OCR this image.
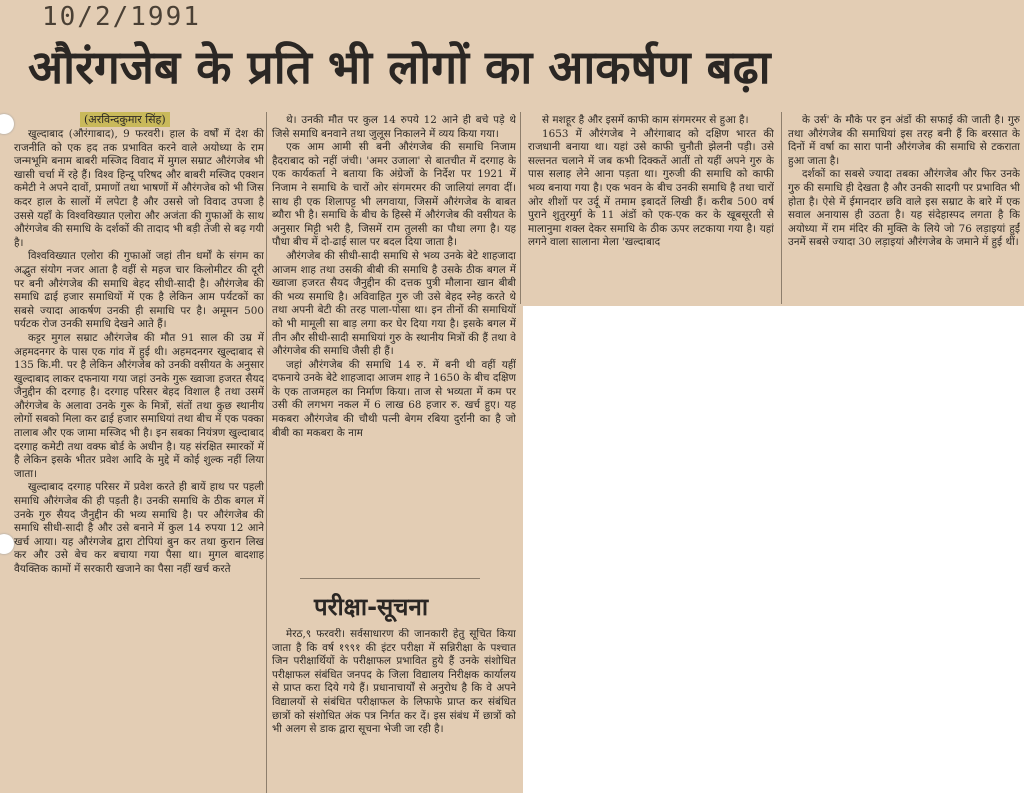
10/2/1991
औरंगजेब के प्रति भी लोगों का आकर्षण बढ़ा
(अरविन्दकुमार सिंह)

खुल्दाबाद (औरंगाबाद), 9 फरवरी। हाल के वर्षों में देश की राजनीति को एक हद तक प्रभावित करने वाले अयोध्या के राम जन्मभूमि बनाम बाबरी मस्जिद विवाद में मुगल सम्राट औरंगजेब भी खासी चर्चा में रहे हैं। विश्व हिन्दू परिषद और बाबरी मस्जिद एक्शन कमेटी ने अपने दावों, प्रमाणों तथा भाषणों में औरंगजेब को भी जिस कदर हाल के सालों में लपेटा है और उससे जो विवाद उपजा है उससे यहाँ के विश्वविख्यात एलोरा और अजंता की गुफाओं के साथ औरंगजेब की समाधि के दर्शकों की तादाद भी बड़ी तेजी से बढ़ गयी है।

विश्वविख्यात एलोरा की गुफाओं जहां तीन धर्मों के संगम का अद्भुत संयोग नजर आता है वहीं से महज चार किलोमीटर की दूरी पर बनी औरंगजेब की समाधि बेहद सीधी-सादी है। औरंगजेब की समाधि ढाई हजार समाधियों में एक है लेकिन आम पर्यटकों का सबसे ज्यादा आकर्षण उनकी ही समाधि पर है। अमूमन 500 पर्यटक रोज उनकी समाधि देखने आते हैं।

कट्टर मुगल सम्राट औरंगजेब की मौत 91 साल की उम्र में अहमदनगर के पास एक गांव में हुई थी। अहमदनगर खुल्दाबाद से 135 कि.मी. पर है लेकिन औरंगजेब को उनकी वसीयत के अनुसार खुल्दाबाद लाकर दफनाया गया जहां उनके गुरू ख्वाजा हजरत सैयद जैनुद्दीन की दरगाह है। दरगाह परिसर बेहद विशाल है तथा उसमें औरंगजेब के अलावा उनके गुरू के मित्रों, संतों तथा कुछ स्थानीय लोगों सबको मिला कर ढाई हजार समाधियां तथा बीच में एक पक्का तालाब और एक जामा मस्जिद भी है। इन सबका नियंत्रण खुल्दाबाद दरगाह कमेटी तथा वक्फ बोर्ड के अधीन है। यह संरक्षित स्मारकों में है लेकिन इसके भीतर प्रवेश आदि के मुद्दे में कोई शुल्क नहीं लिया जाता।

खुल्दाबाद दरगाह परिसर में प्रवेश करते ही बायें हाथ पर पहली समाधि औरंगजेब की ही पड़ती है। उनकी समाधि के ठीक बगल में उनके गुरु सैयद जैनुद्दीन की भव्य समाधि है। पर औरंगजेब की समाधि सीधी-सादी है और उसे बनाने में कुल 14 रुपया 12 आने खर्च आया। यह औरंगजेब द्वारा टोपियां बुन कर तथा कुरान लिख कर और उसे बेच कर बचाया गया पैसा था। मुगल बादशाह वैयक्तिक कामों में सरकारी खजाने का पैसा नहीं खर्च करते

थे। उनकी मौत पर कुल 14 रुपये 12 आने ही बचे पड़े थे जिसे समाधि बनवाने तथा जुलूस निकालने में व्यय किया गया।

एक आम आमी सी बनी औरंगजेब की समाधि निजाम हैदराबाद को नहीं जंची। 'अमर उजाला' से बातचीत में दरगाह के एक कार्यकर्ता ने बताया कि अंग्रेजों के निर्देश पर 1921 में निजाम ने समाधि के चारों ओर संगमरमर की जालियां लगवा दीं। साथ ही एक शिलापट्ट भी लगवाया, जिसमें औरंगजेब के बाबत ब्यौरा भी है। समाधि के बीच के हिस्से में औरंगजेब की वसीयत के अनुसार मिट्टी भरी है, जिसमें राम तुलसी का पौधा लगा है। यह पौधा बीच में दो-ढाई साल पर बदल दिया जाता है।

औरंगजेब की सीधी-सादी समाधि से भव्य उनके बेटे शाहजादा आजम शाह तथा उसकी बीबी की समाधि है उसके ठीक बगल में ख्वाजा हजरत सैयद जैनुद्दीन की दत्तक पुत्री मौलाना खान बीबी की भव्य समाधि है। अविवाहित गुरु जी उसे बेहद स्नेह करते थे तथा अपनी बेटी की तरह पाला-पोसा था। इन तीनों की समाधियों को भी मामूली सा बाड़ लगा कर घेर दिया गया है। इसके बगल में तीन और सीधी-सादी समाधियां गुरु के स्थानीय मित्रों की हैं तथा वे औरंगजेब की समाधि जैसी ही हैं।

जहां औरंगजेब की समाधि 14 रु. में बनी थी वहीं यहीं दफनाये उनके बेटे शाहजादा आजम शाह ने 1650 के बीच दक्षिण के एक ताजमहल का निर्माण किया। ताज से भव्यता में कम पर उसी की लगभग नकल में 6 लाख 68 हजार रु. खर्च हुए। यह मकबरा औरंगजेब की चौथी पत्नी बेगम रबिया दुर्रानी का है जो बीबी का मकबरा के नाम

से मशहूर है और इसमें काफी काम संगमरमर से हुआ है।

1653 में औरंगजेब ने औरंगाबाद को दक्षिण भारत की राजधानी बनाया था। यहां उसे काफी चुनौती झेलनी पड़ी। उसे सल्तनत चलाने में जब कभी दिक्कतें आतीं तो यहीं अपने गुरु के पास सलाह लेने आना पड़ता था। गुरुजी की समाधि को काफी भव्य बनाया गया है। एक भवन के बीच उनकी समाधि है तथा चारों ओर शीशों पर उर्दू में तमाम इबादतें लिखी हैं। करीब 500 वर्ष पुराने शुतुरमुर्ग के 11 अंडों को एक-एक कर के खूबसूरती से मालानुमा शक्ल देकर समाधि के ठीक ऊपर लटकाया गया है। यहां लगने वाला सालाना मेला 'खल्दाबाद

के उर्स' के मौके पर इन अंडों की सफाई की जाती है। गुरु तथा औरंगजेब की समाधियां इस तरह बनी हैं कि बरसात के दिनों में वर्षा का सारा पानी औरंगजेब की समाधि से टकराता हुआ जाता है।

दर्शकों का सबसे ज्यादा तबका औरंगजेब और फिर उनके गुरु की समाधि ही देखता है और उनकी सादगी पर प्रभावित भी होता है। ऐसे में ईमानदार छवि वाले इस सम्राट के बारे में एक सवाल अनायास ही उठता है। यह संदेहास्पद लगता है कि अयोध्या में राम मंदिर की मुक्ति के लिये जो 76 लड़ाइयां हुईं उनमें सबसे ज्यादा 30 लड़ाइयां औरंगजेब के जमाने में हुई थीं।

परीक्षा-सूचना

मेरठ,९ फरवरी। सर्वसाधारण की जानकारी हेतु सूचित किया जाता है कि वर्ष १९९१ की इंटर परीक्षा में सन्निरीक्षा के पश्चात जिन परीक्षार्थियों के परीक्षाफल प्रभावित हुये हैं उनके संशोधित परीक्षाफल संबंधित जनपद के जिला विद्यालय निरीक्षक कार्यालय से प्राप्त करा दिये गये हैं। प्रधानाचार्यों से अनुरोध है कि वे अपने विद्यालयों से संबंधित परीक्षाफल के लिफाफे प्राप्त कर संबंधित छात्रों को संशोधित अंक पत्र निर्गत कर दें। इस संबंध में छात्रों को भी अलग से डाक द्वारा सूचना भेजी जा रही है।
